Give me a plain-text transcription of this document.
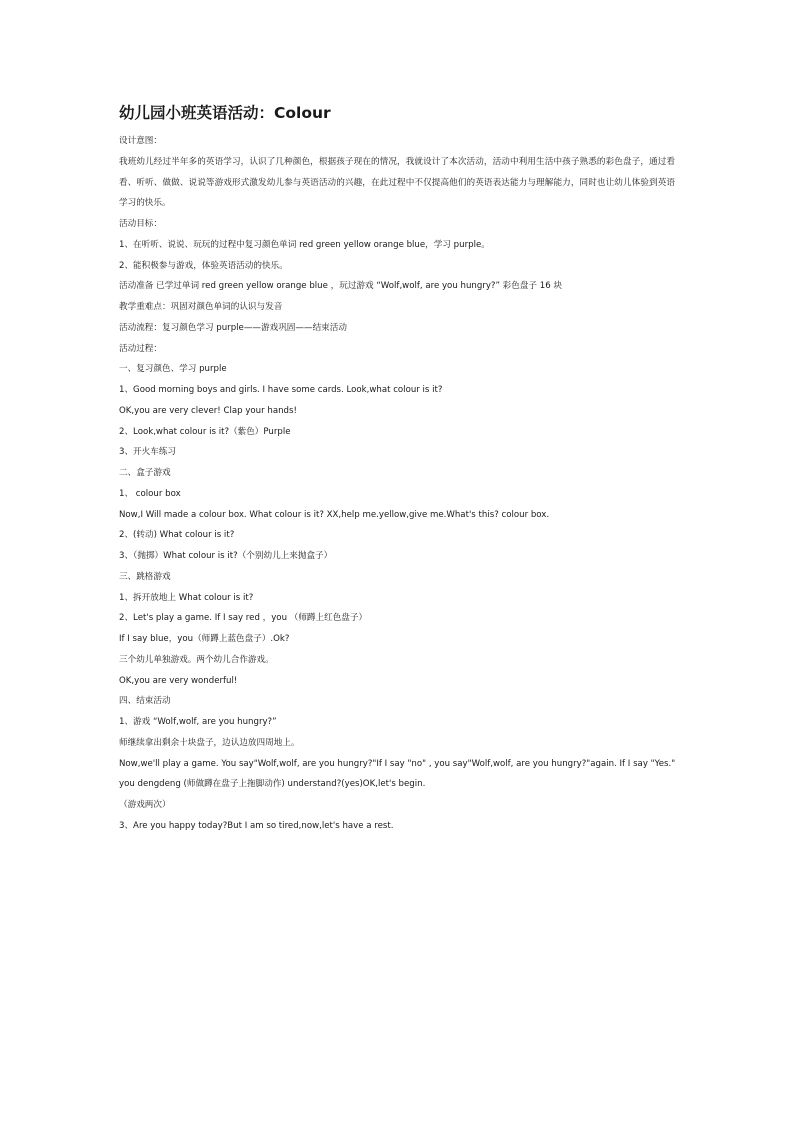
幼儿园小班英语活动：Colour

设计意图：

我班幼儿经过半年多的英语学习，认识了几种颜色，根据孩子现在的情况，我就设计了本次活动，活动中利用生活中孩子熟悉的彩色盘子，通过看看、听听、做做、说说等游戏形式激发幼儿参与英语活动的兴趣，在此过程中不仅提高他们的英语表达能力与理解能力，同时也让幼儿体验到英语学习的快乐。

活动目标：

1、在听听、说说、玩玩的过程中复习颜色单词 red green yellow orange blue，学习 purple。

2、能积极参与游戏，体验英语活动的快乐。

活动准备 已学过单词 red green yellow orange blue ，玩过游戏 “Wolf,wolf, are you hungry?” 彩色盘子 16 块

教学重难点：巩固对颜色单词的认识与发音

活动流程：复习颜色学习 purple——游戏巩固——结束活动

活动过程：

一、复习颜色、学习 purple

1、Good morning boys and girls. I have some cards. Look,what colour is it?

OK,you are very clever! Clap your hands!

2、Look,what colour is it?（紫色）Purple

3、开火车练习

二、盒子游戏

1、 colour box

Now,I Will made a colour box. What colour is it? XX,help me.yellow,give me.What's this? colour box.

2、(转动) What colour is it?

3、（抛掷）What colour is it?（个别幼儿上来抛盒子）

三、跳格游戏

1、拆开放地上 What colour is it?

2、Let's play a game. If I say red ，you （师蹲上红色盘子）

If I say blue，you（师蹲上蓝色盘子）.Ok?

三个幼儿单独游戏。两个幼儿合作游戏。

OK,you are very wonderful!

四、结束活动

1、游戏 “Wolf,wolf, are you hungry?”

师继续拿出剩余十块盘子，边认边放四周地上。

Now,we'll play a game. You say"Wolf,wolf, are you hungry?"If I say "no" , you say"Wolf,wolf, are you hungry?"again. If I say "Yes."

you dengdeng (师做蹲在盘子上拖脚动作) understand?(yes)OK,let's begin.

（游戏两次）

3、Are you happy today?But I am so tired,now,let's have a rest.
